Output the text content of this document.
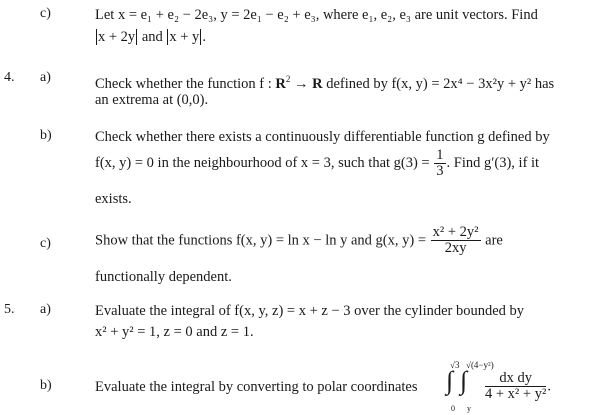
c)	Let x = e₁ + e₂ − 2e₃, y = 2e₁ − e₂ + e₃, where e₁, e₂, e₃ are unit vectors. Find
x + 2y and x + y .
4. a)	Check whether the function f : $R^2 \to R$ defined by f(x, y) = 2x⁴ − 3x²y + y² has
an extrema at (0,0).
b)	Check whether there exists a continuously differentiable function g defined by
f(x, y) = 0 in the neighbourhood of x = 3, such that $g(3) = \frac{1}{3}$ . Find g′(3), if it
exists.
c)	Show that the functions f(x, y) = ln x − ln y and g(x, $y) = \frac{\text{x² + 2y²}}{2xy}$ are
functionally dependent.
5. a)	Evaluate the integral of f(x, y, z) = x + z − 3 over the cylinder bounded by
x² + y² = 1, z = 0 and z = 1.
b)	Evaluate the integral by converting to polar coordinates
√3 √(4−y²)
∫ ∫
0 y
$\frac{\text{dx dy}}{\text{4 + x² + y²}}$ .
